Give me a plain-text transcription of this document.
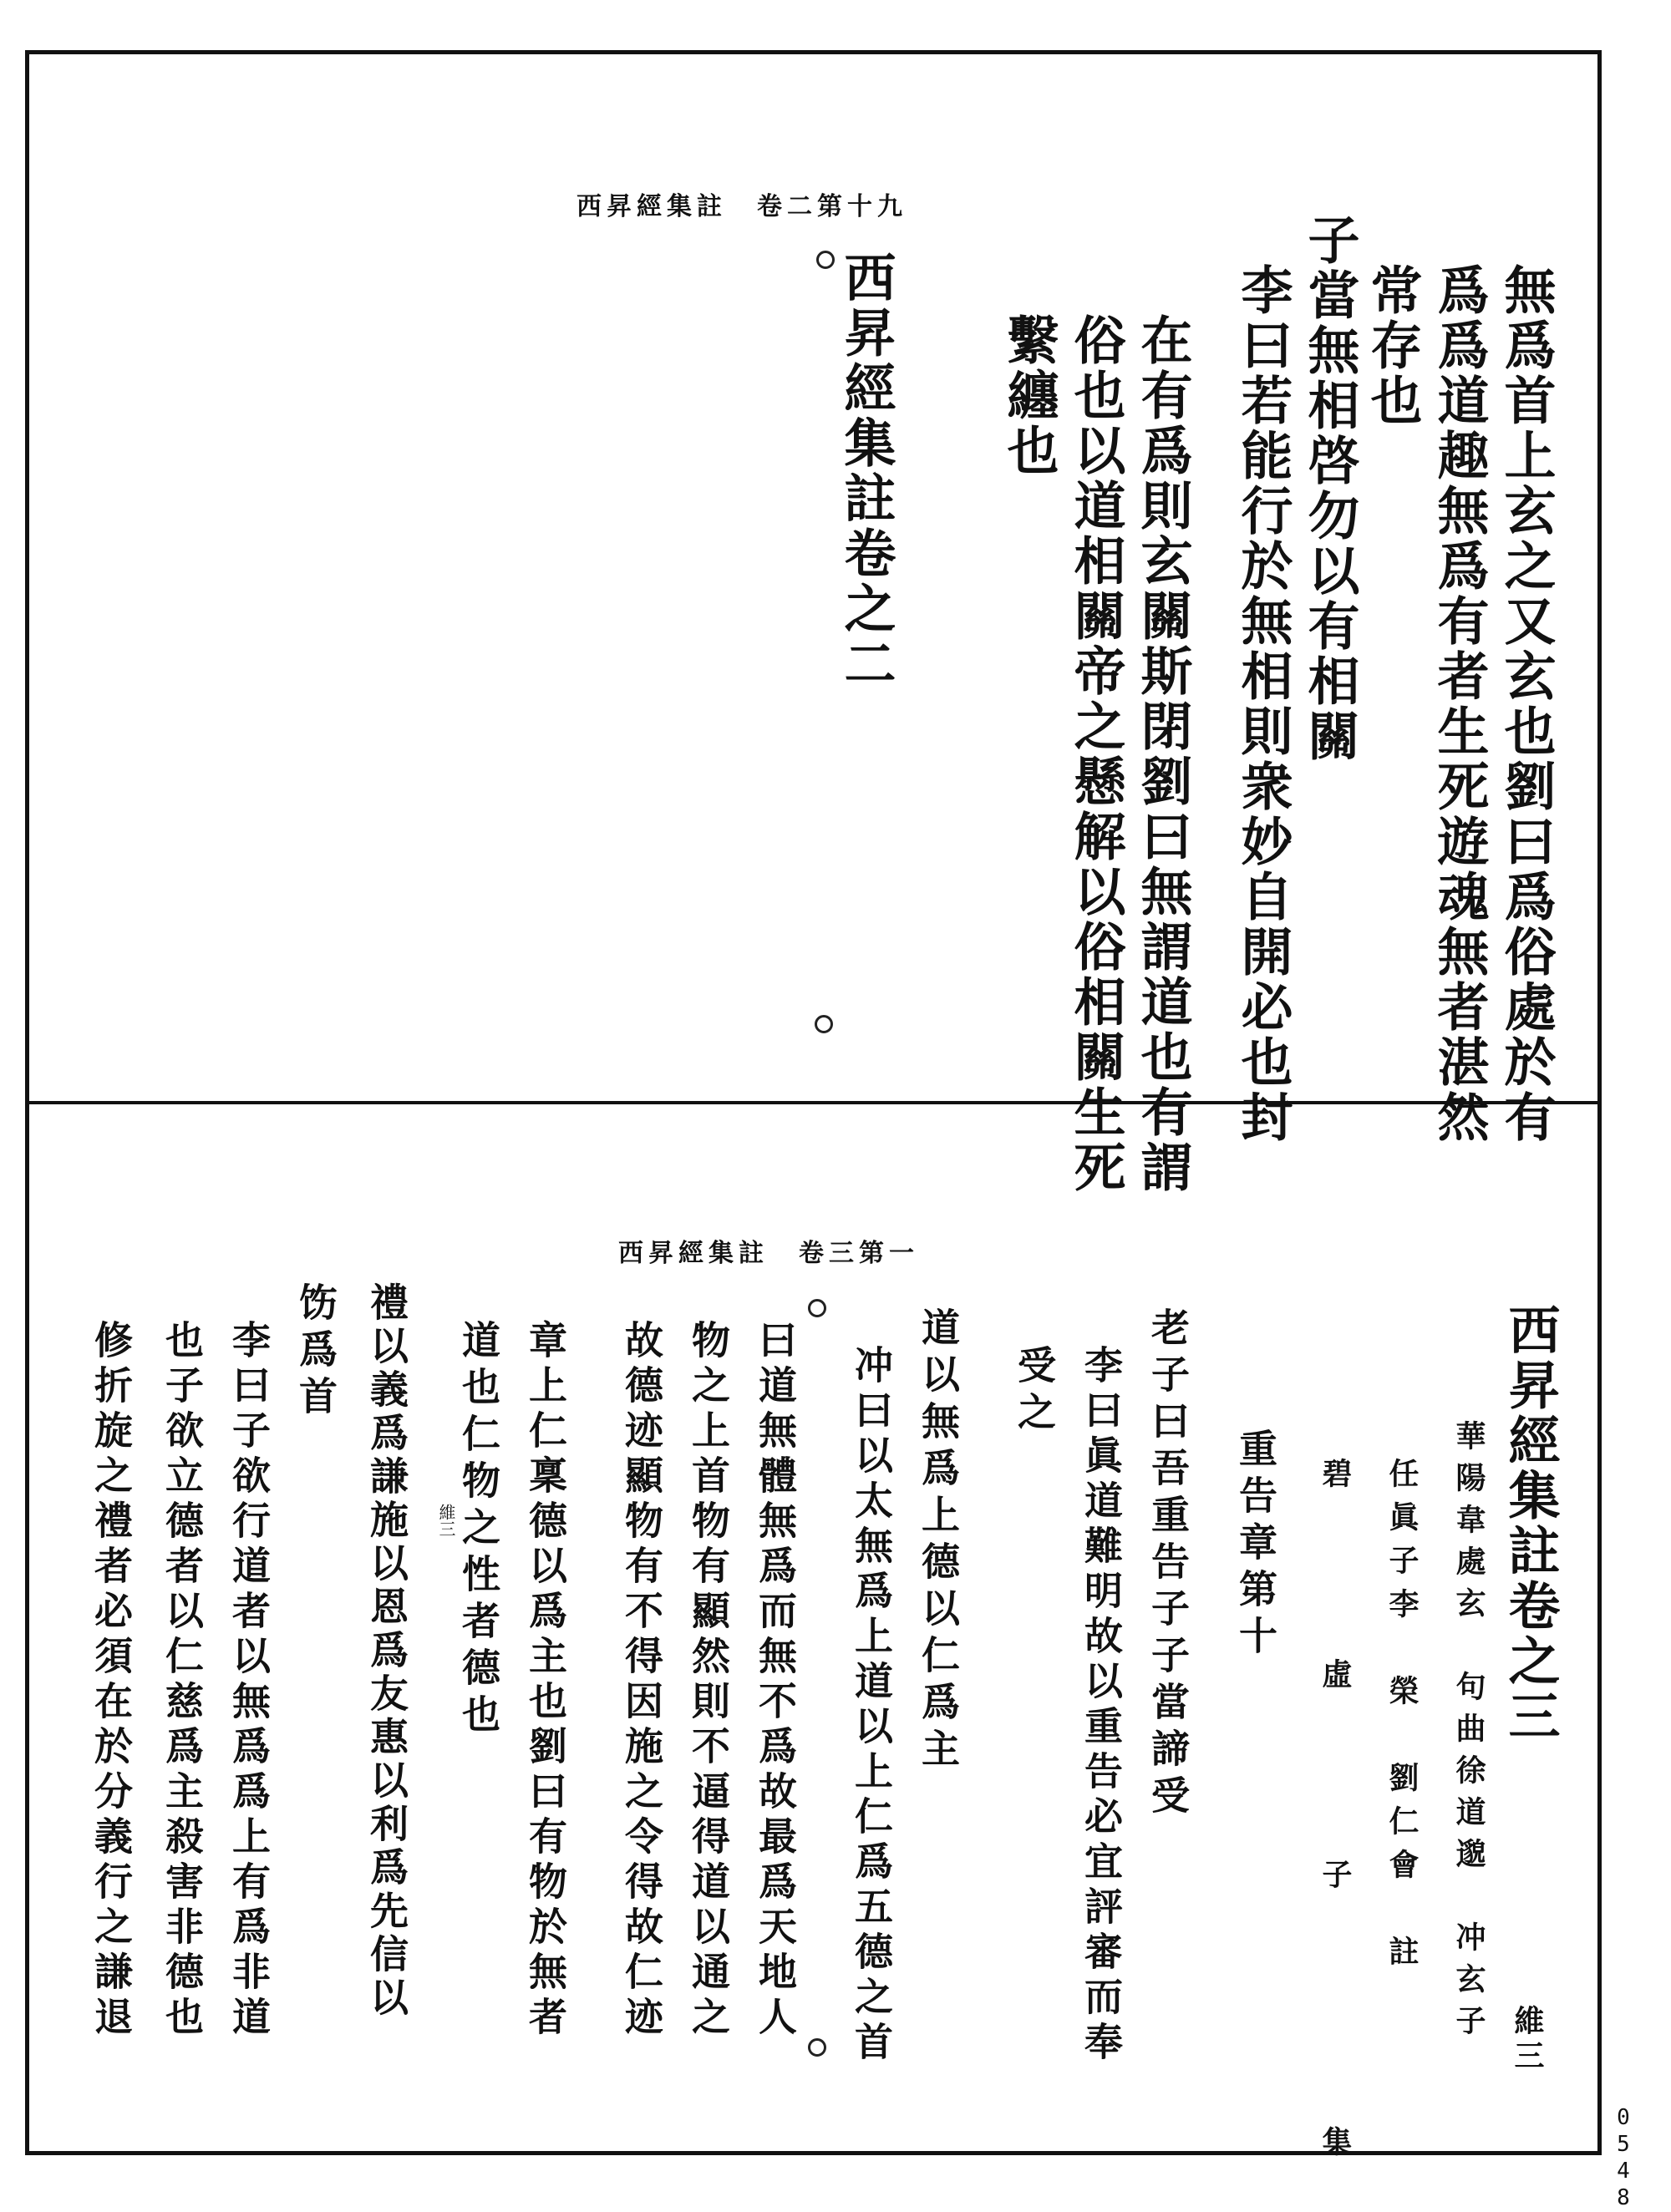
西昇經集註　卷二第十九
無爲首上玄之又玄也劉曰爲俗處於有
爲爲道趣無爲有者生死遊魂無者湛然
常存也
子當無相啓勿以有相關
李曰若能行於無相則衆妙自開必也封
在有爲則玄關斯閉劉曰無謂道也有謂
俗也以道相關帝之懸解以俗相關生死
繫纏也
西昇經集註卷之二
西昇經集註　卷三第一
西昇經集註卷之三
維三
華陽韋處玄　句曲徐道邈　冲玄子
任眞子李　榮　劉仁會　註
碧　　虛　　子　　　集
重告章第十
老子曰吾重告子子當諦受
李曰眞道難明故以重告必宜評審而奉
受之
道以無爲上德以仁爲主
冲曰以太無爲上道以上仁爲五德之首
曰道無體無爲而無不爲故最爲天地人
物之上首物有顯然則不逼得道以通之
故德迹顯物有不得因施之令得故仁迹
章上仁稟德以爲主也劉曰有物於無者
道也仁物之性者德也
禮以義爲謙施以恩爲友惠以利爲先信以
饬爲首
李曰子欲行道者以無爲爲上有爲非道
也子欲立德者以仁慈爲主殺害非德也
修折旋之禮者必須在於分義行之謙退	維三
0548
